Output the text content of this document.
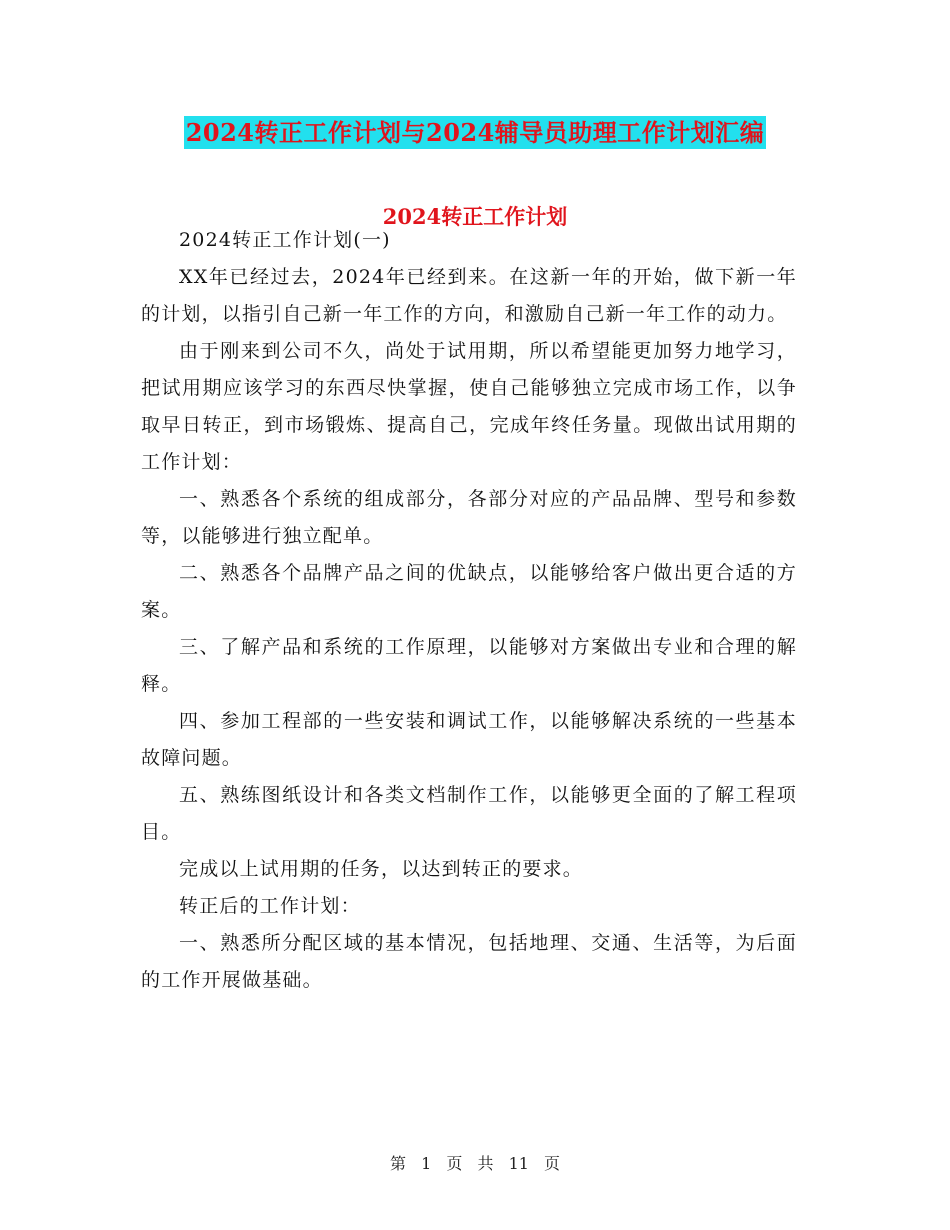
2024转正工作计划与2024辅导员助理工作计划汇编
2024转正工作计划

2024转正工作计划(一)

XX年已经过去，2024年已经到来。在这新一年的开始，做下新一年的计划，以指引自己新一年工作的方向，和激励自己新一年工作的动力。

由于刚来到公司不久，尚处于试用期，所以希望能更加努力地学习，把试用期应该学习的东西尽快掌握，使自己能够独立完成市场工作，以争取早日转正，到市场锻炼、提高自己，完成年终任务量。现做出试用期的工作计划：

一、熟悉各个系统的组成部分，各部分对应的产品品牌、型号和参数等，以能够进行独立配单。

二、熟悉各个品牌产品之间的优缺点，以能够给客户做出更合适的方案。

三、了解产品和系统的工作原理，以能够对方案做出专业和合理的解释。

四、参加工程部的一些安装和调试工作，以能够解决系统的一些基本故障问题。

五、熟练图纸设计和各类文档制作工作，以能够更全面的了解工程项目。

完成以上试用期的任务，以达到转正的要求。

转正后的工作计划：

一、熟悉所分配区域的基本情况，包括地理、交通、生活等，为后面的工作开展做基础。

第 1 页 共 11 页
